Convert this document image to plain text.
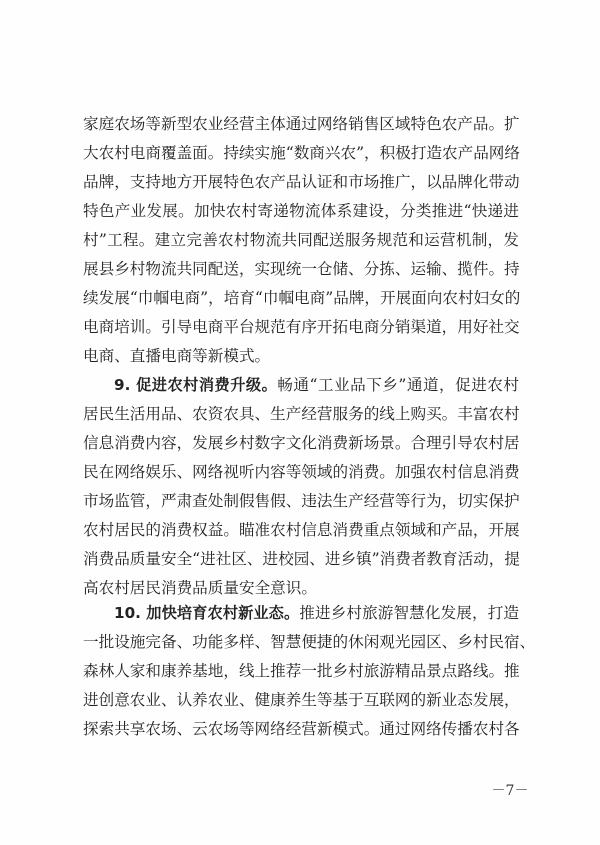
家庭农场等新型农业经营主体通过网络销售区域特色农产品。扩
大农村电商覆盖面。持续实施“数商兴农”，积极打造农产品网络
品牌，支持地方开展特色农产品认证和市场推广，以品牌化带动
特色产业发展。加快农村寄递物流体系建设，分类推进“快递进
村”工程。建立完善农村物流共同配送服务规范和运营机制，发
展县乡村物流共同配送，实现统一仓储、分拣、运输、揽件。持
续发展“巾帼电商”，培育“巾帼电商”品牌，开展面向农村妇女的
电商培训。引导电商平台规范有序开拓电商分销渠道，用好社交
电商、直播电商等新模式。
9. 促进农村消费升级。畅通“工业品下乡”通道，促进农村
居民生活用品、农资农具、生产经营服务的线上购买。丰富农村
信息消费内容，发展乡村数字文化消费新场景。合理引导农村居
民在网络娱乐、网络视听内容等领域的消费。加强农村信息消费
市场监管，严肃查处制假售假、违法生产经营等行为，切实保护
农村居民的消费权益。瞄准农村信息消费重点领域和产品，开展
消费品质量安全“进社区、进校园、进乡镇”消费者教育活动，提
高农村居民消费品质量安全意识。
10. 加快培育农村新业态。推进乡村旅游智慧化发展，打造
一批设施完备、功能多样、智慧便捷的休闲观光园区、乡村民宿、
森林人家和康养基地，线上推荐一批乡村旅游精品景点路线。推
进创意农业、认养农业、健康养生等基于互联网的新业态发展，
探索共享农场、云农场等网络经营新模式。通过网络传播农村各
－7－
